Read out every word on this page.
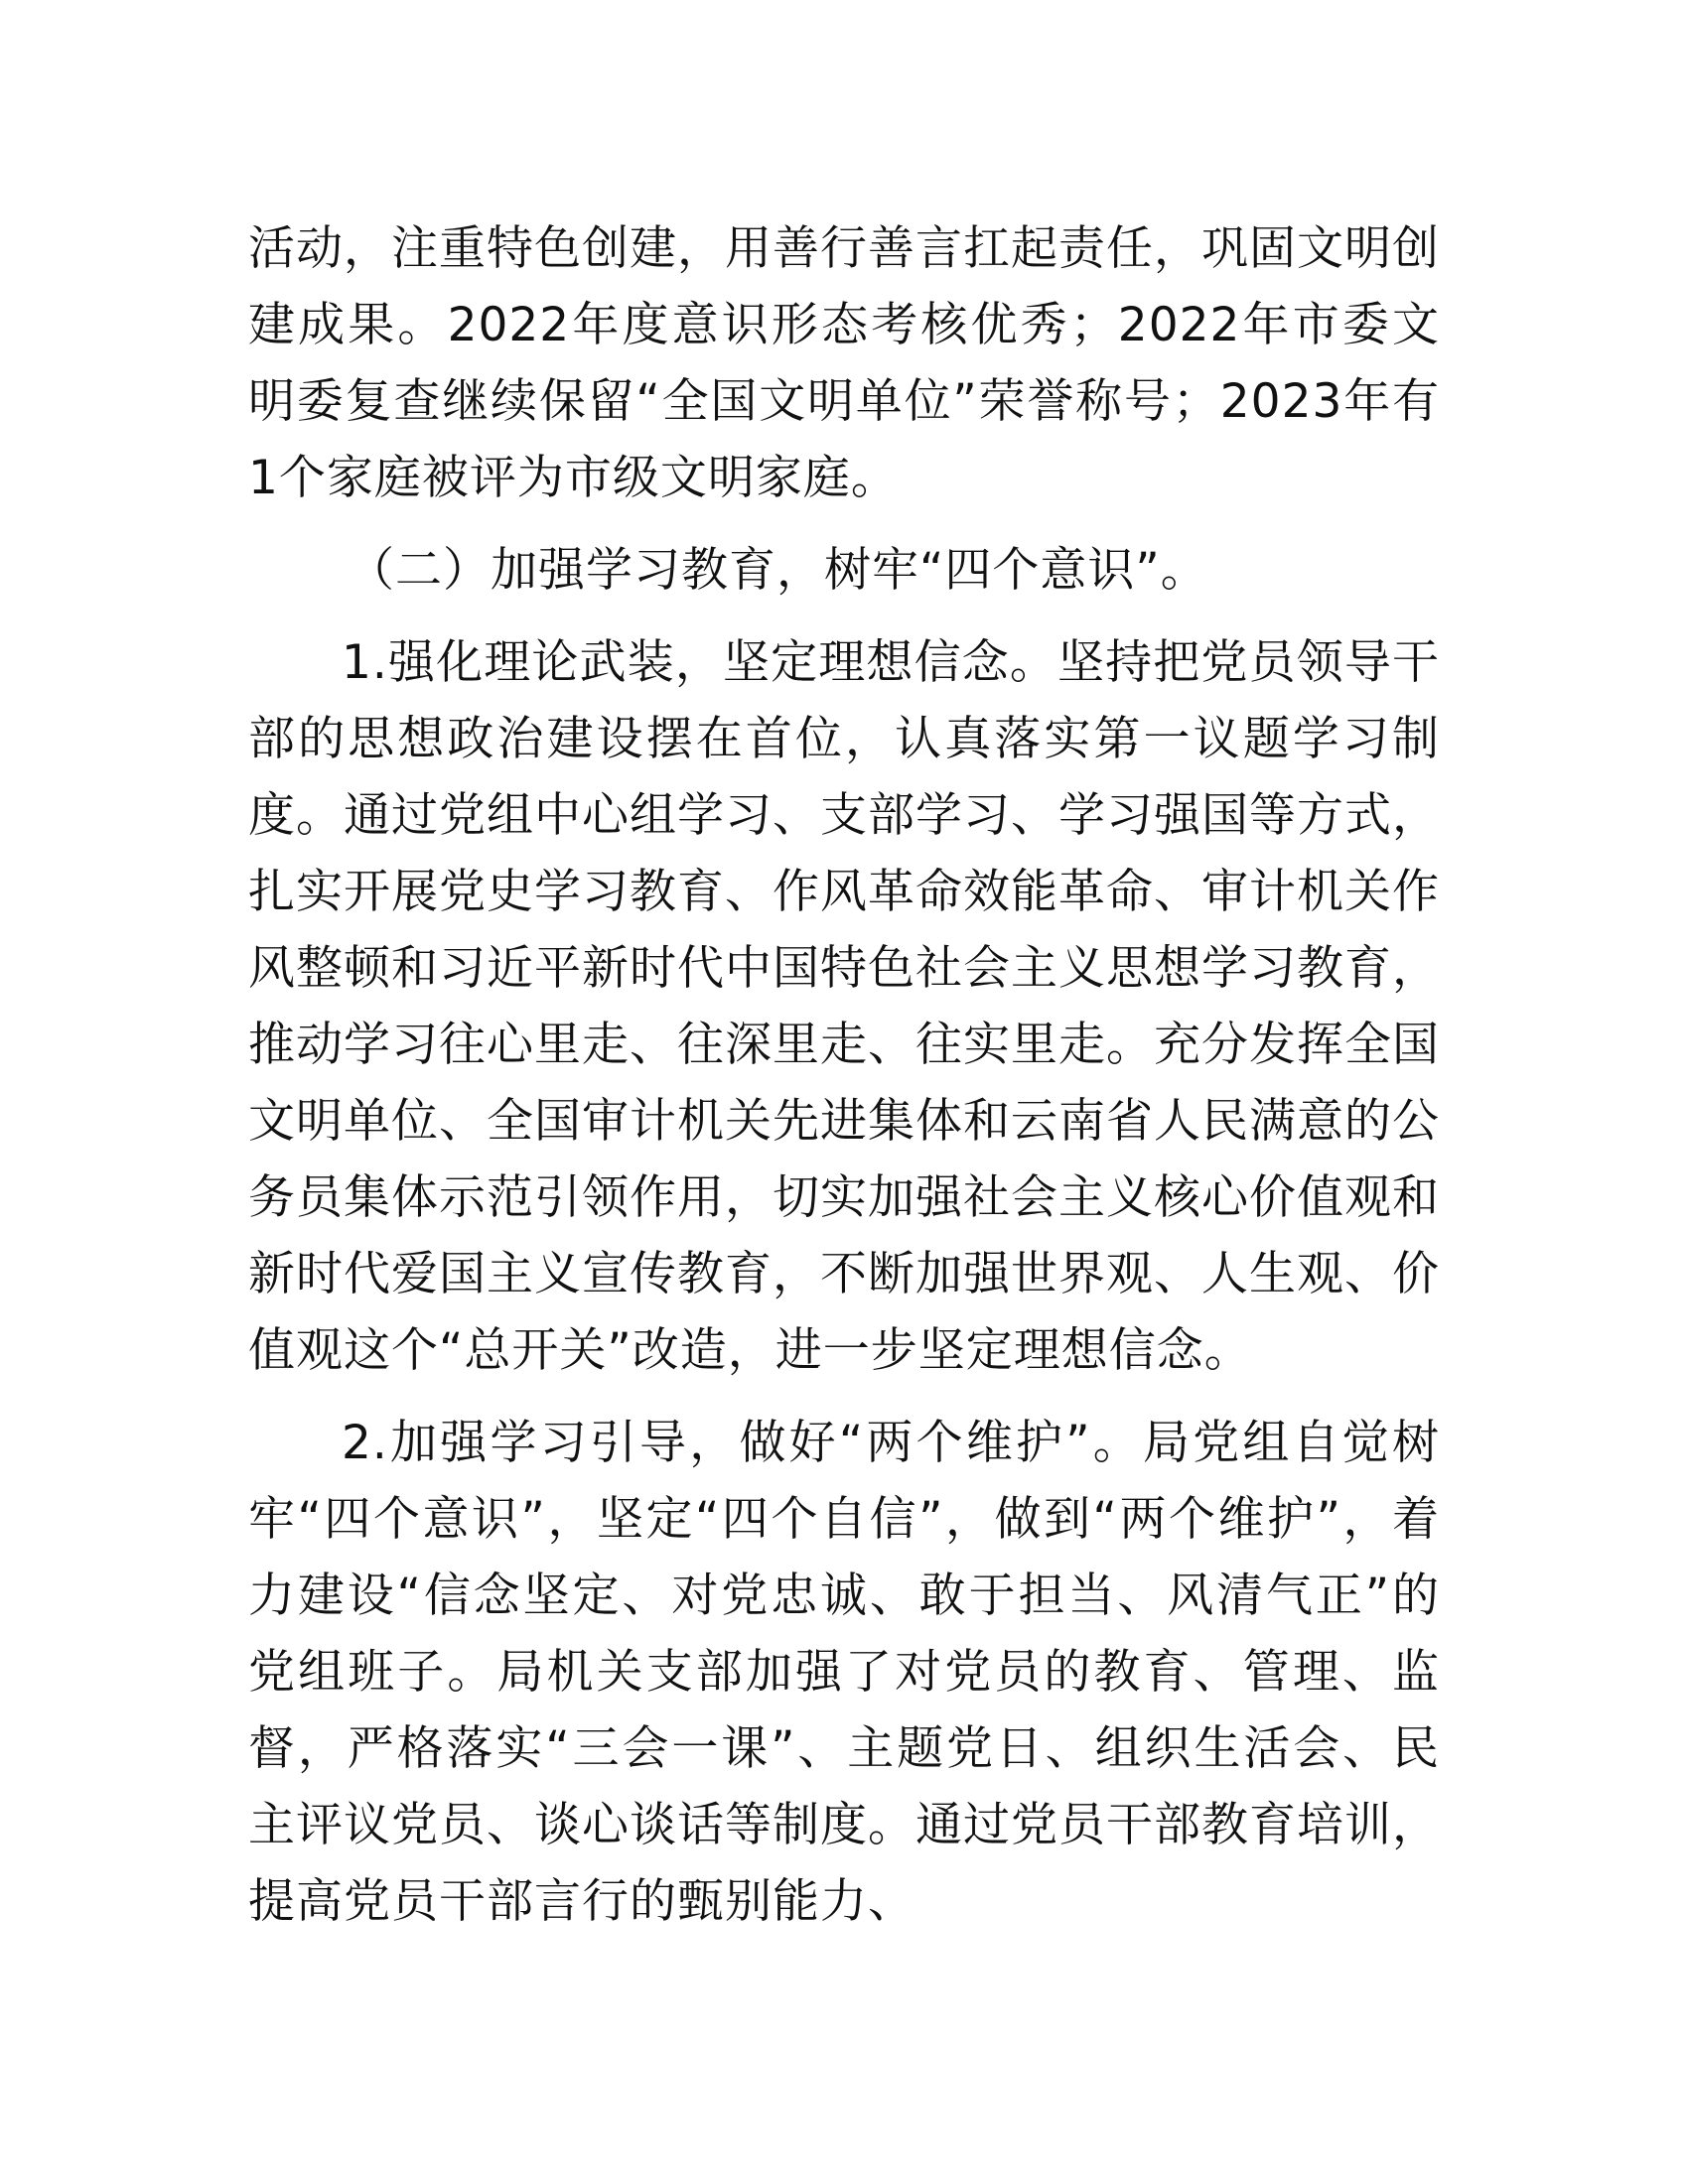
活动，注重特色创建，用善行善言扛起责任，巩固文明创建成果。2022年度意识形态考核优秀；2022年市委文明委复查继续保留“全国文明单位”荣誉称号；2023年有1个家庭被评为市级文明家庭。

（二）加强学习教育，树牢“四个意识”。

1.强化理论武装，坚定理想信念。坚持把党员领导干部的思想政治建设摆在首位，认真落实第一议题学习制度。通过党组中心组学习、支部学习、学习强国等方式，扎实开展党史学习教育、作风革命效能革命、审计机关作风整顿和习近平新时代中国特色社会主义思想学习教育，推动学习往心里走、往深里走、往实里走。充分发挥全国文明单位、全国审计机关先进集体和云南省人民满意的公务员集体示范引领作用，切实加强社会主义核心价值观和新时代爱国主义宣传教育，不断加强世界观、人生观、价值观这个“总开关”改造，进一步坚定理想信念。

2.加强学习引导，做好“两个维护”。局党组自觉树牢“四个意识”，坚定“四个自信”，做到“两个维护”，着力建设“信念坚定、对党忠诚、敢于担当、风清气正”的党组班子。局机关支部加强了对党员的教育、管理、监督，严格落实“三会一课”、主题党日、组织生活会、民主评议党员、谈心谈话等制度。通过党员干部教育培训，提高党员干部言行的甄别能力、
